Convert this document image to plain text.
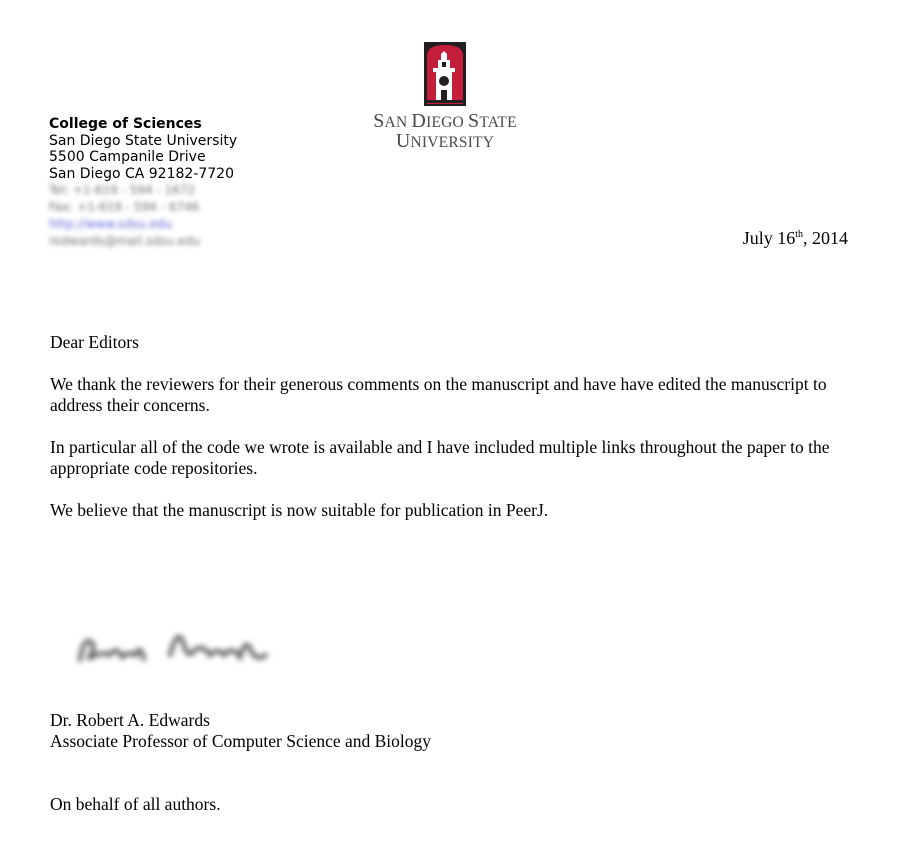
College of Sciences
San Diego State University
5500 Campanile Drive
San Diego CA 92182-7720
Tel: +1-619 - 594 - 1672
Fax: +1-619 - 594 - 6746
http://www.sdsu.edu
redwards@mail.sdsu.edu
SAN DIEGO STATE
UNIVERSITY
July 16th, 2014
Dear Editors
We thank the reviewers for their generous comments on the manuscript and have have edited the manuscript to address their concerns.
In particular all of the code we wrote is available and I have included multiple links throughout the paper to the appropriate code repositories.
We believe that the manuscript is now suitable for publication in PeerJ.
Dr. Robert A. Edwards
Associate Professor of Computer Science and Biology
On behalf of all authors.
